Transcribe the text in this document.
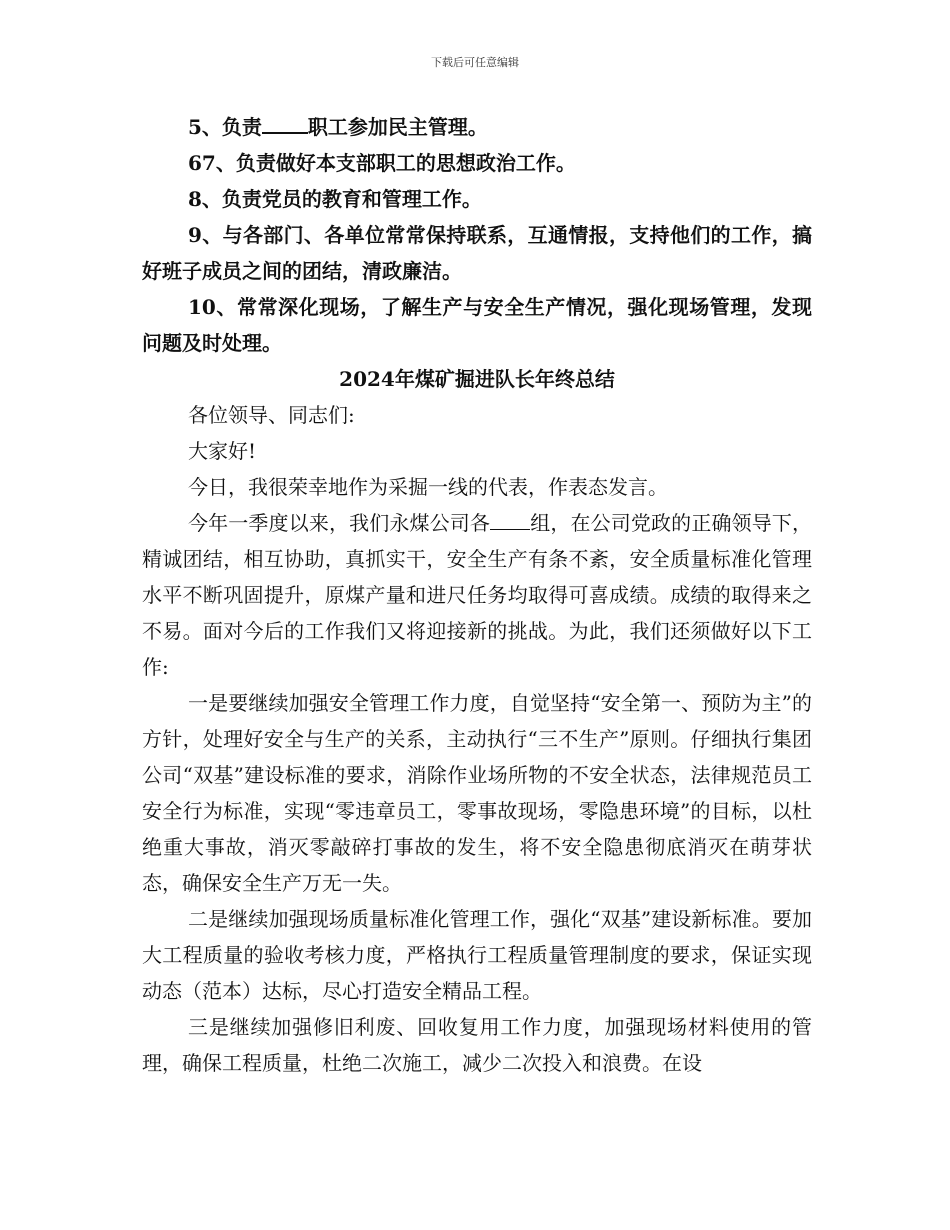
下载后可任意编辑

5、负责 职工参加民主管理。

67、负责做好本支部职工的思想政治工作。

8、负责党员的教育和管理工作。

9、与各部门、各单位常常保持联系，互通情报，支持他们的工作，搞好班子成员之间的团结，清政廉洁。

10、常常深化现场，了解生产与安全生产情况，强化现场管理，发现问题及时处理。

2024年煤矿掘进队长年终总结

各位领导、同志们:

大家好!

今日，我很荣幸地作为采掘一线的代表，作表态发言。

今年一季度以来，我们永煤公司各 组，在公司党政的正确领导下，精诚团结，相互协助，真抓实干，安全生产有条不紊，安全质量标准化管理水平不断巩固提升，原煤产量和进尺任务均取得可喜成绩。成绩的取得来之不易。面对今后的工作我们又将迎接新的挑战。为此，我们还须做好以下工作:

一是要继续加强安全管理工作力度，自觉坚持“安全第一、预防为主”的方针，处理好安全与生产的关系，主动执行“三不生产”原则。仔细执行集团公司“双基”建设标准的要求，消除作业场所物的不安全状态，法律规范员工安全行为标准，实现“零违章员工，零事故现场，零隐患环境”的目标，以杜绝重大事故，消灭零敲碎打事故的发生，将不安全隐患彻底消灭在萌芽状态，确保安全生产万无一失。

二是继续加强现场质量标准化管理工作，强化“双基”建设新标准。要加大工程质量的验收考核力度，严格执行工程质量管理制度的要求，保证实现动态（范本）达标，尽心打造安全精品工程。

三是继续加强修旧利废、回收复用工作力度，加强现场材料使用的管理，确保工程质量，杜绝二次施工，减少二次投入和浪费。在设
